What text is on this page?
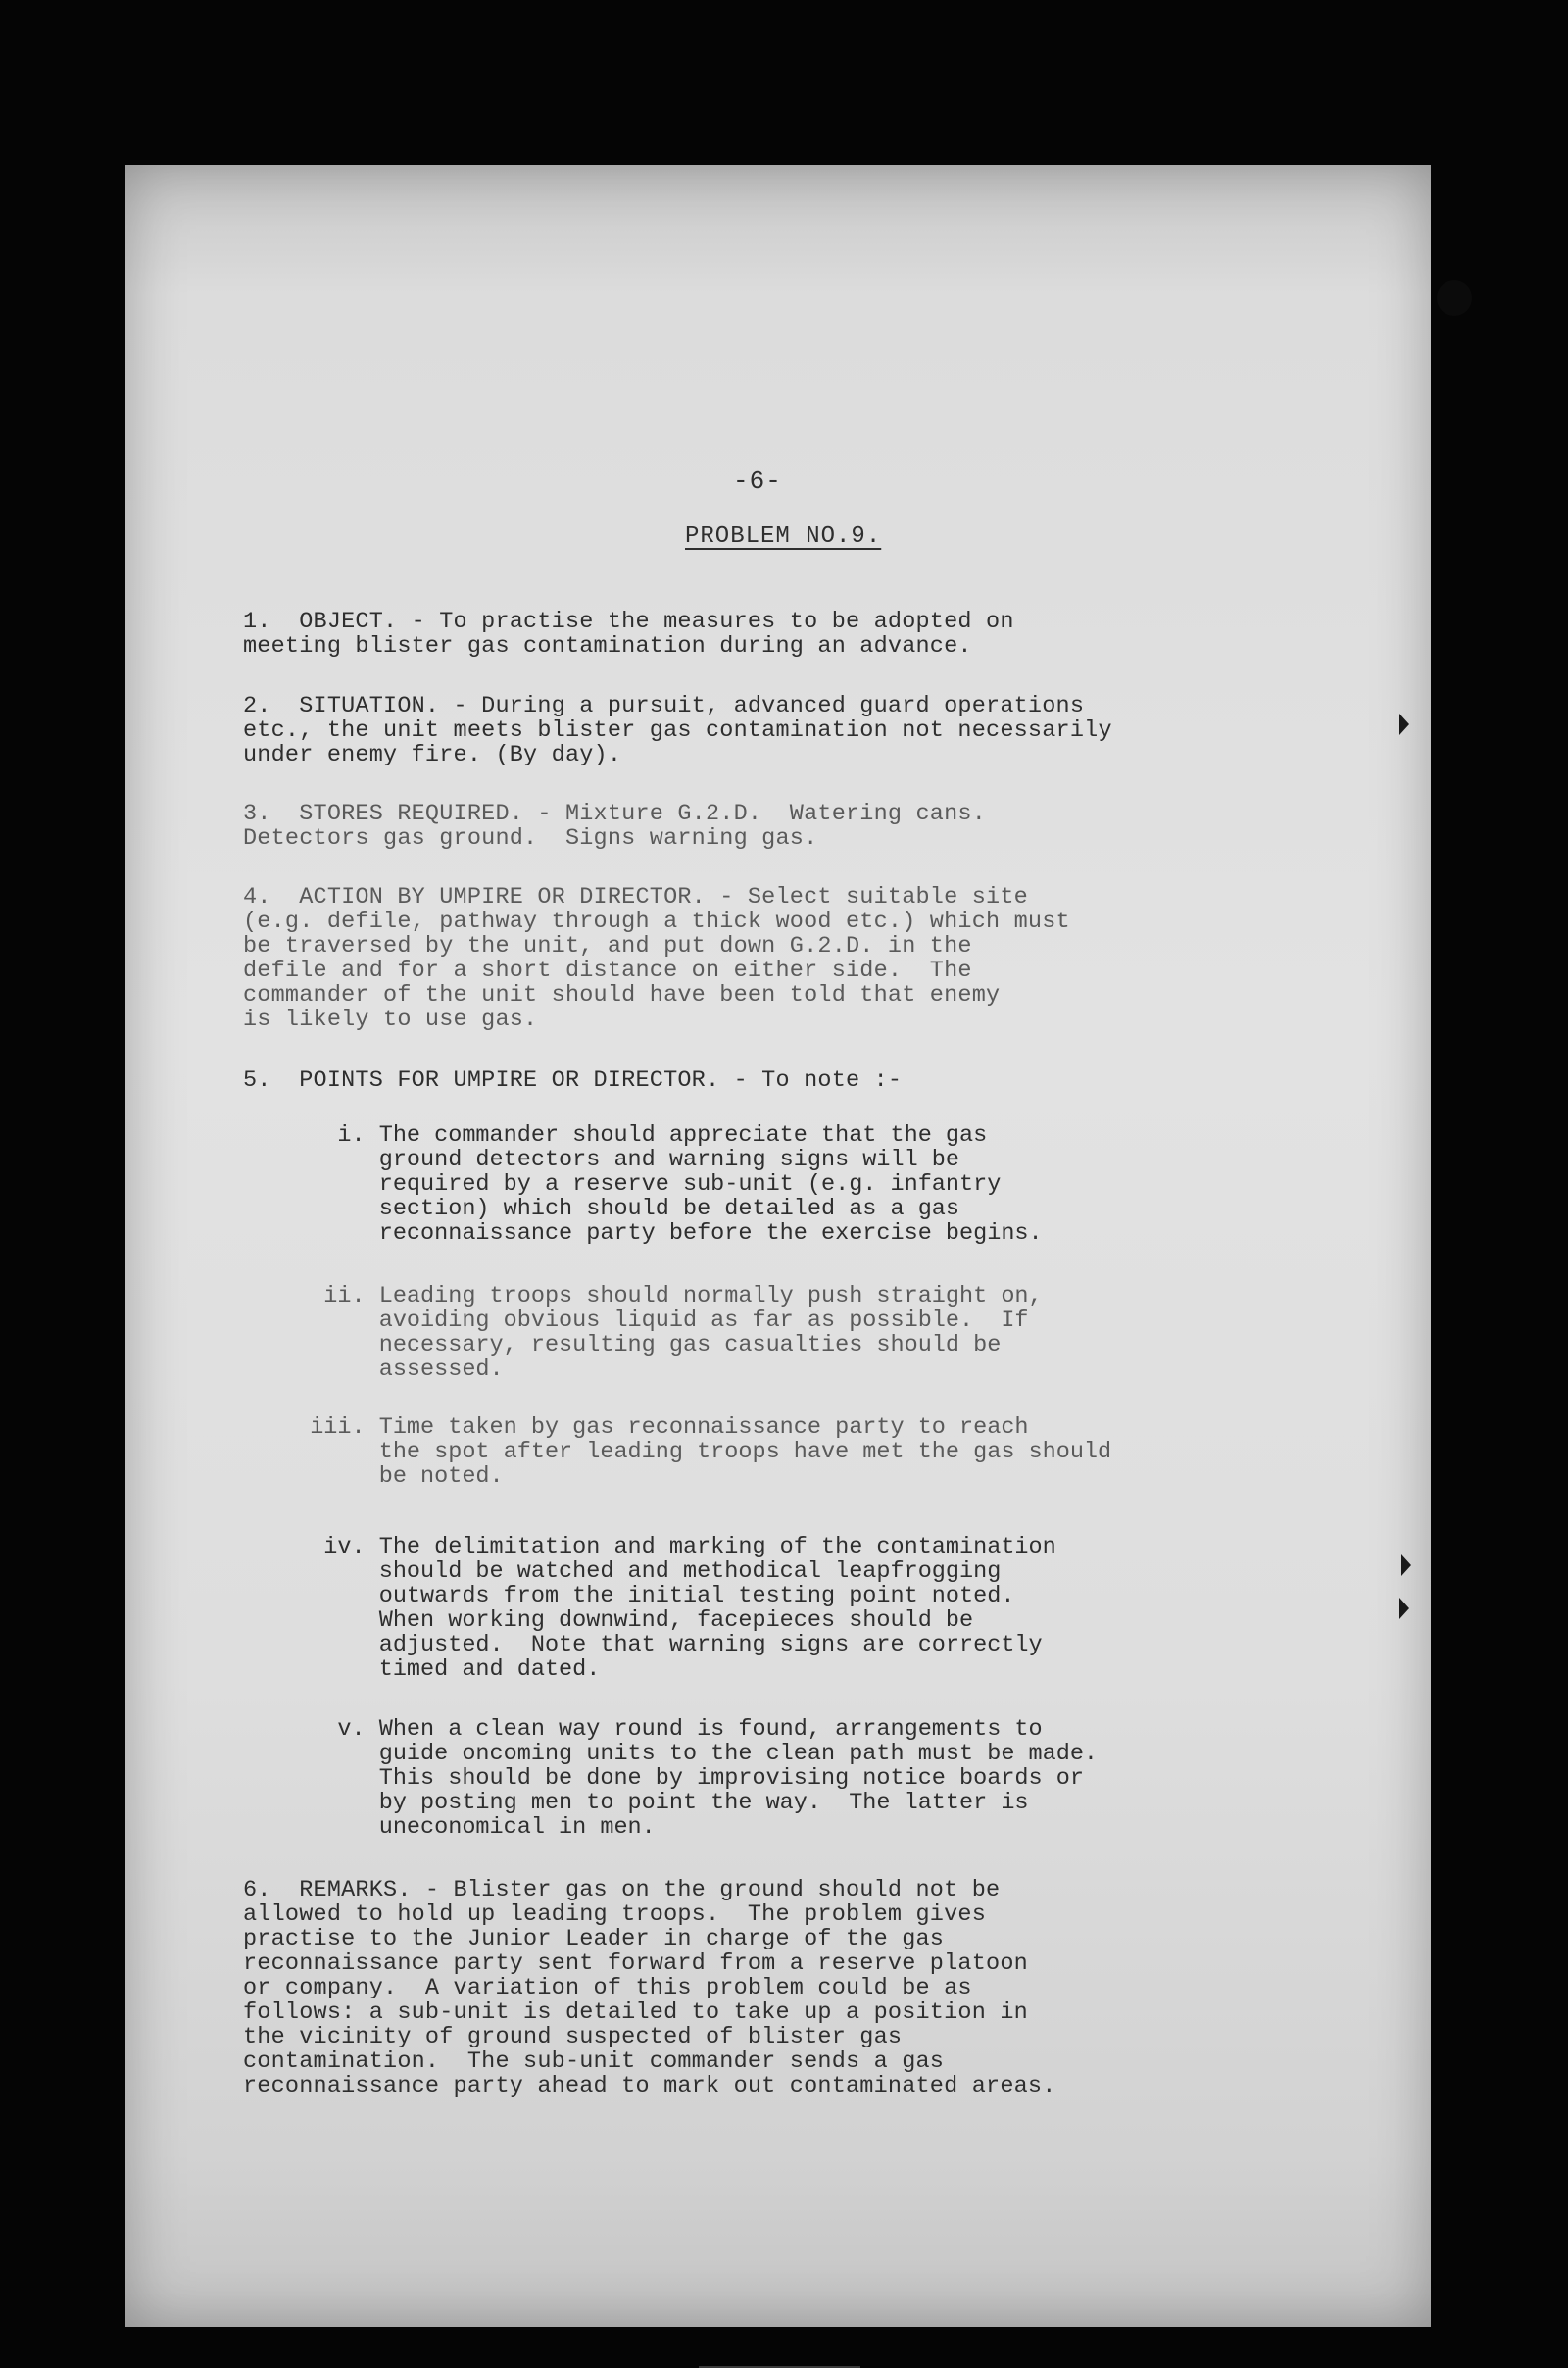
-6-
PROBLEM NO.9.
1.  OBJECT. - To practise the measures to be adopted on
meeting blister gas contamination during an advance.
2.  SITUATION. - During a pursuit, advanced guard operations
etc., the unit meets blister gas contamination not necessarily
under enemy fire. (By day).
3.  STORES REQUIRED. - Mixture G.2.D.  Watering cans.
Detectors gas ground.  Signs warning gas.
4.  ACTION BY UMPIRE OR DIRECTOR. - Select suitable site
(e.g. defile, pathway through a thick wood etc.) which must
be traversed by the unit, and put down G.2.D. in the
defile and for a short distance on either side.  The
commander of the unit should have been told that enemy
is likely to use gas.
5.  POINTS FOR UMPIRE OR DIRECTOR. - To note :-
i. The commander should appreciate that the gas
ground detectors and warning signs will be
required by a reserve sub-unit (e.g. infantry
section) which should be detailed as a gas
reconnaissance party before the exercise begins.
ii. Leading troops should normally push straight on,
avoiding obvious liquid as far as possible.  If
necessary, resulting gas casualties should be
assessed.
iii. Time taken by gas reconnaissance party to reach
the spot after leading troops have met the gas should
be noted.
iv. The delimitation and marking of the contamination
should be watched and methodical leapfrogging
outwards from the initial testing point noted.
When working downwind, facepieces should be
adjusted.  Note that warning signs are correctly
timed and dated.
v. When a clean way round is found, arrangements to
guide oncoming units to the clean path must be made.
This should be done by improvising notice boards or
by posting men to point the way.  The latter is
uneconomical in men.
6.  REMARKS. - Blister gas on the ground should not be
allowed to hold up leading troops.  The problem gives
practise to the Junior Leader in charge of the gas
reconnaissance party sent forward from a reserve platoon
or company.  A variation of this problem could be as
follows: a sub-unit is detailed to take up a position in
the vicinity of ground suspected of blister gas
contamination.  The sub-unit commander sends a gas
reconnaissance party ahead to mark out contaminated areas.
